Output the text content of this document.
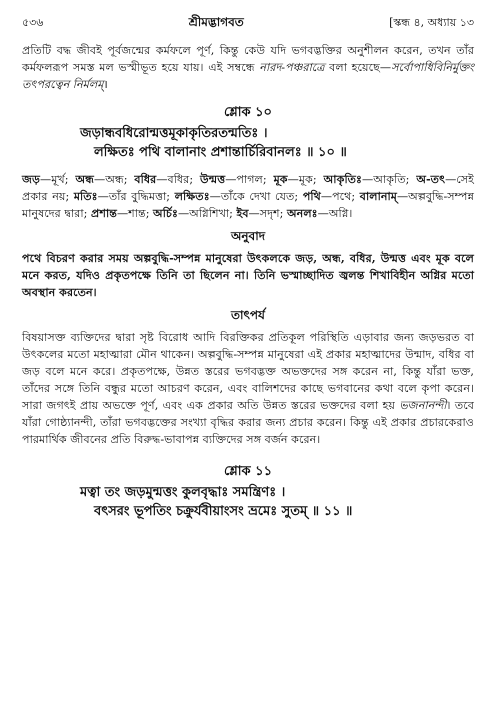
৫৩৬	শ্রীমদ্ভাগবত	[স্কন্ধ ৪, অধ্যায় ১৩

প্রতিটি বদ্ধ জীবই পূর্বজন্মের কর্মফলে পূর্ণ, কিন্তু কেউ যদি ভগবদ্ভক্তির অনুশীলন করেন, তখন তাঁর কর্মফলরূপ সমস্ত মল ভস্মীভূত হয়ে যায়। এই সম্বন্ধে নারদ-পঞ্চরাত্রে বলা হয়েছে—সর্বোপাধিবিনির্মুক্তং তৎপরত্বেন নির্মলম্।

শ্লোক ১০
জড়ান্ধবধিরোন্মত্তমূকাকৃতিরতন্মতিঃ ।
লক্ষিতঃ পথি বালানাং প্রশান্তার্চিরিবানলঃ ॥ ১০ ॥

জড়—মূর্খ; অন্ধ—অন্ধ; বধির—বধির; উন্মত্ত—পাগল; মূক—মূক; আকৃতিঃ—আকৃতি; অ-তৎ—সেই প্রকার নয়; মতিঃ—তাঁর বুদ্ধিমত্তা; লক্ষিতঃ—তাঁকে দেখা যেত; পথি—পথে; বালানাম্—অল্পবুদ্ধি-সম্পন্ন মানুষদের দ্বারা; প্রশান্ত—শান্ত; অর্চিঃ—অগ্নিশিখা; ইব—সদৃশ; অনলঃ—অগ্নি।

অনুবাদ

পথে বিচরণ করার সময় অল্পবুদ্ধি-সম্পন্ন মানুষেরা উৎকলকে জড়, অন্ধ, বধির, উন্মত্ত এবং মূক বলে মনে করত, যদিও প্রকৃতপক্ষে তিনি তা ছিলেন না। তিনি ভস্মাচ্ছাদিত জ্বলন্ত শিখাবিহীন অগ্নির মতো অবস্থান করতেন।

তাৎপর্য

বিষয়াসক্ত ব্যক্তিদের দ্বারা সৃষ্ট বিরোধ আদি বিরক্তিকর প্রতিকূল পরিস্থিতি এড়াবার জন্য জড়ভরত বা উৎকলের মতো মহাত্মারা মৌন থাকেন। অল্পবুদ্ধি-সম্পন্ন মানুষেরা এই প্রকার মহাত্মাদের উন্মাদ, বধির বা জড় বলে মনে করে। প্রকৃতপক্ষে, উন্নত স্তরের ভগবদ্ভক্ত অভক্তদের সঙ্গ করেন না, কিন্তু যাঁরা ভক্ত, তাঁদের সঙ্গে তিনি বন্ধুর মতো আচরণ করেন, এবং বালিশদের কাছে ভগবানের কথা বলে কৃপা করেন। সারা জগৎই প্রায় অভক্তে পূর্ণ, এবং এক প্রকার অতি উন্নত স্তরের ভক্তদের বলা হয় ভজনানন্দী। তবে যাঁরা গোষ্ঠ্যানন্দী, তাঁরা ভগবদ্ভক্তের সংখ্যা বৃদ্ধির করার জন্য প্রচার করেন। কিন্তু এই প্রকার প্রচারকেরাও পারমার্থিক জীবনের প্রতি বিরুদ্ধ-ভাবাপন্ন ব্যক্তিদের সঙ্গ বর্জন করেন।

শ্লোক ১১
মত্বা তং জড়মুন্মত্তং কুলবৃদ্ধাঃ সমন্ত্রিণঃ ।
বৎসরং ভূপতিং চক্রুর্যবীয়াংসং ভ্রমেঃ সুতম্ ॥ ১১ ॥
